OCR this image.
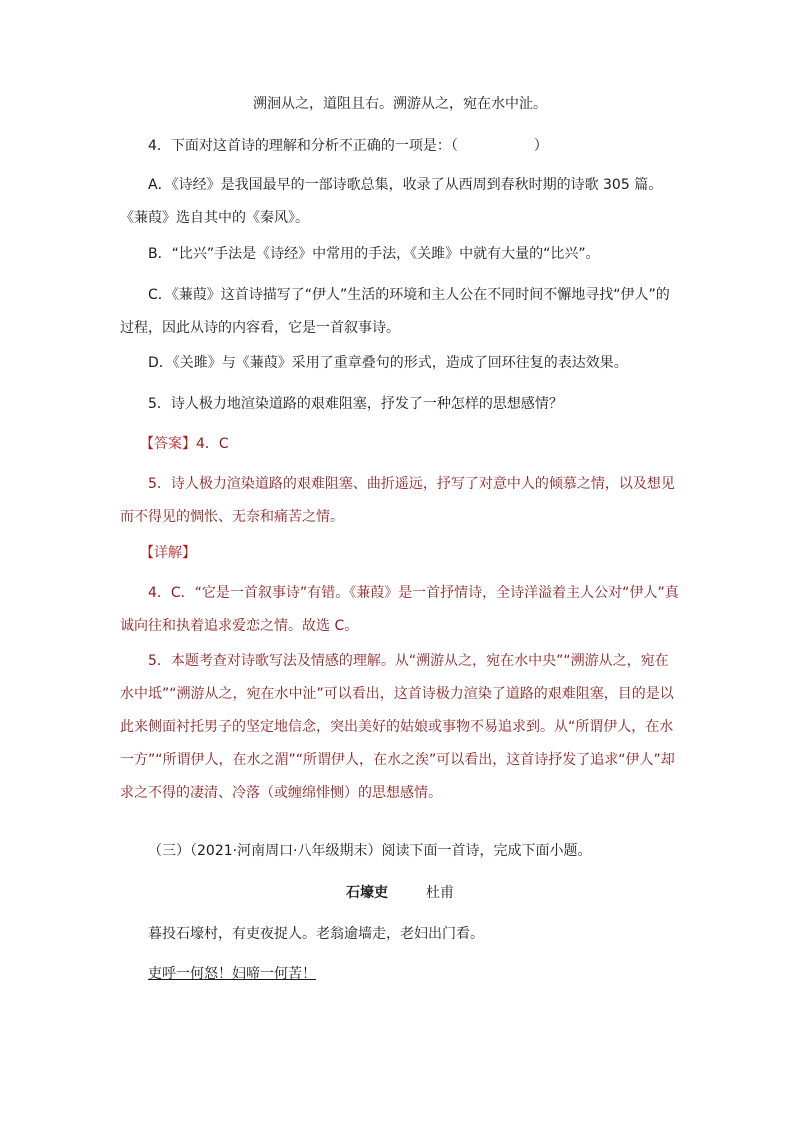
溯洄从之，道阻且右。溯游从之，宛在水中沚。
4．下面对这首诗的理解和分析不正确的一项是：（	）
A．《诗经》是我国最早的一部诗歌总集，收录了从西周到春秋时期的诗歌 305 篇。《蒹葭》选自其中的《秦风》。
B．“比兴”手法是《诗经》中常用的手法，《关雎》中就有大量的“比兴”。
C．《蒹葭》这首诗描写了“伊人”生活的环境和主人公在不同时间不懈地寻找“伊人”的过程，因此从诗的内容看，它是一首叙事诗。
D．《关雎》与《蒹葭》采用了重章叠句的形式，造成了回环往复的表达效果。
5．诗人极力地渲染道路的艰难阻塞，抒发了一种怎样的思想感情？
【答案】4．C
5．诗人极力渲染道路的艰难阻塞、曲折遥远，抒写了对意中人的倾慕之情，以及想见而不得见的惆怅、无奈和痛苦之情。
【详解】
4．C．“它是一首叙事诗”有错。《蒹葭》是一首抒情诗，全诗洋溢着主人公对“伊人”真诚向往和执着追求爱恋之情。故选 C。
5．本题考查对诗歌写法及情感的理解。从“溯游从之，宛在水中央”“溯游从之，宛在水中坻”“溯游从之，宛在水中沚”可以看出，这首诗极力渲染了道路的艰难阻塞，目的是以此来侧面衬托男子的坚定地信念，突出美好的姑娘或事物不易追求到。从“所谓伊人，在水一方”“所谓伊人，在水之湄”“所谓伊人，在水之涘”可以看出，这首诗抒发了追求“伊人”却求之不得的凄清、冷落（或缠绵悱恻）的思想感情。
（三）（2021·河南周口·八年级期末）阅读下面一首诗，完成下面小题。
石壕吏	杜甫
暮投石壕村，有吏夜捉人。老翁逾墙走，老妇出门看。
吏呼一何怒！妇啼一何苦！
